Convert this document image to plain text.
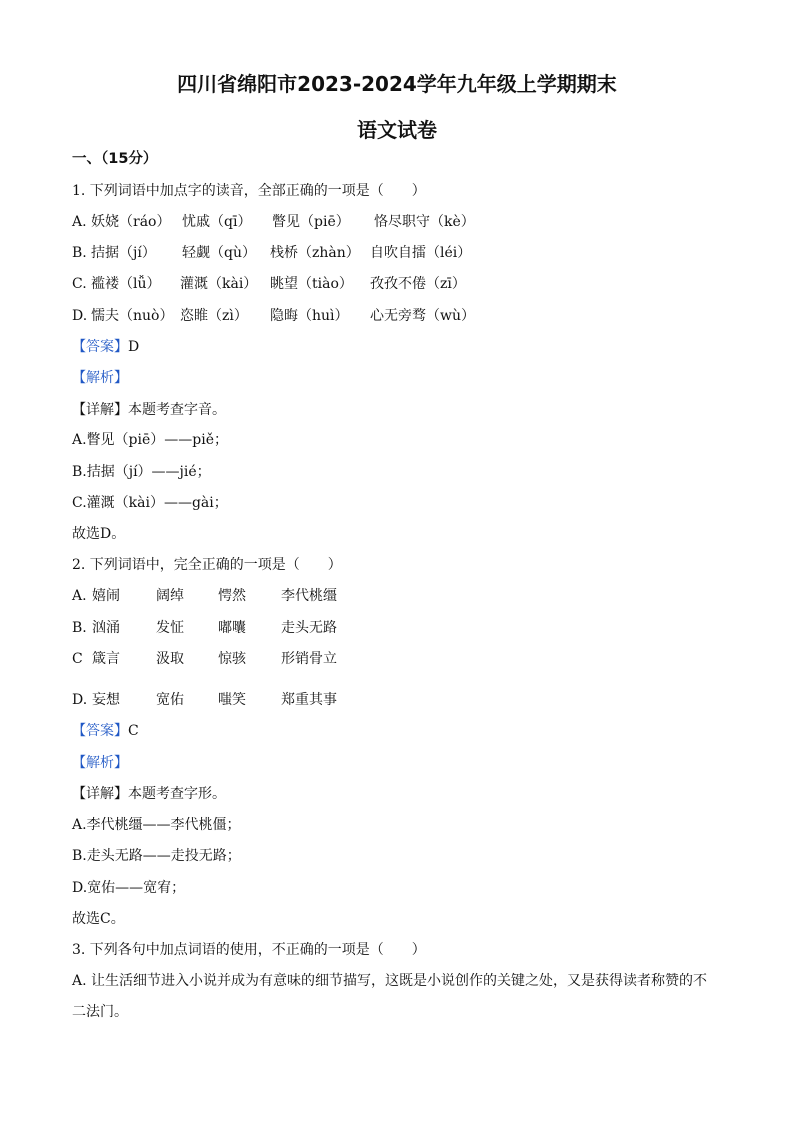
四川省绵阳市2023-2024学年九年级上学期期末
语文试卷
一、（15分）
1. 下列词语中加点字的读音，全部正确的一项是（　　）
A. 妖娆（ráo） 忧戚（qī） 瞥见（piē） 恪尽职守（kè）
B. 拮据（jí） 轻觑（qù） 栈桥（zhàn） 自吹自擂（léi）
C. 褴褛（lǚ） 灌溉（kài） 眺望（tiào） 孜孜不倦（zī）
D. 懦夫（nuò） 恣睢（zì） 隐晦（huì） 心无旁骛（wù）
【答案】D
【解析】
【详解】本题考查字音。
A.瞥见（piē）——piě；
B.拮据（jí）——jié；
C.灌溉（kài）——gài；
故选D。
2. 下列词语中，完全正确的一项是（　　）
A. 嬉闹	阔绰 愕然	李代桃缰
B. 汹涌	发怔 嘟囔	走头无路
C 箴言	汲取 惊骇	形销骨立
D. 妄想	宽佑 嗤笑	郑重其事
【答案】C
【解析】
【详解】本题考查字形。
A.李代桃缰——李代桃僵；
B.走头无路——走投无路；
D.宽佑——宽宥；
故选C。
3. 下列各句中加点词语的使用，不正确的一项是（　　）
A. 让生活细节进入小说并成为有意味的细节描写，这既是小说创作的关键之处，又是获得读者称赞的不
二法门。
